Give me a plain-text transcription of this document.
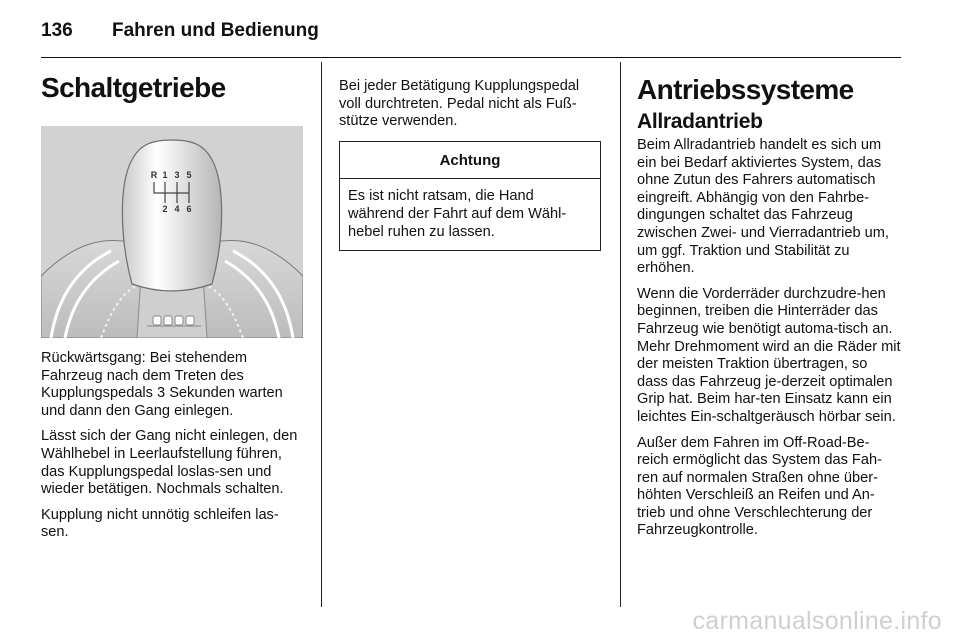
136 Fahren und Bedienung
Schaltgetriebe
R 1 3 5
2 4 6

Rückwärtsgang: Bei stehendem Fahrzeug nach dem Treten des Kupplungspedals 3 Sekunden warten und dann den Gang einlegen.

Lässt sich der Gang nicht einlegen, den Wählhebel in Leerlaufstellung führen, das Kupplungspedal loslas-sen und wieder betätigen. Nochmals schalten.

Kupplung nicht unnötig schleifen las-sen.

Bei jeder Betätigung Kupplungspedal voll durchtreten. Pedal nicht als Fuß-stütze verwenden.

Achtung
Es ist nicht ratsam, die Hand während der Fahrt auf dem Wähl-hebel ruhen zu lassen.
Antriebssysteme
Allradantrieb

Beim Allradantrieb handelt es sich um ein bei Bedarf aktiviertes System, das ohne Zutun des Fahrers automatisch eingreift. Abhängig von den Fahrbe-dingungen schaltet das Fahrzeug zwischen Zwei- und Vierradantrieb um, um ggf. Traktion und Stabilität zu erhöhen.

Wenn die Vorderräder durchzudre-hen beginnen, treiben die Hinterräder das Fahrzeug wie benötigt automa-tisch an. Mehr Drehmoment wird an die Räder mit der meisten Traktion übertragen, so dass das Fahrzeug je-derzeit optimalen Grip hat. Beim har-ten Einsatz kann ein leichtes Ein-schaltgeräusch hörbar sein.

Außer dem Fahren im Off-Road-Be-reich ermöglicht das System das Fah-ren auf normalen Straßen ohne über-höhten Verschleiß an Reifen und An-trieb und ohne Verschlechterung der Fahrzeugkontrolle.

carmanualsonline.info
